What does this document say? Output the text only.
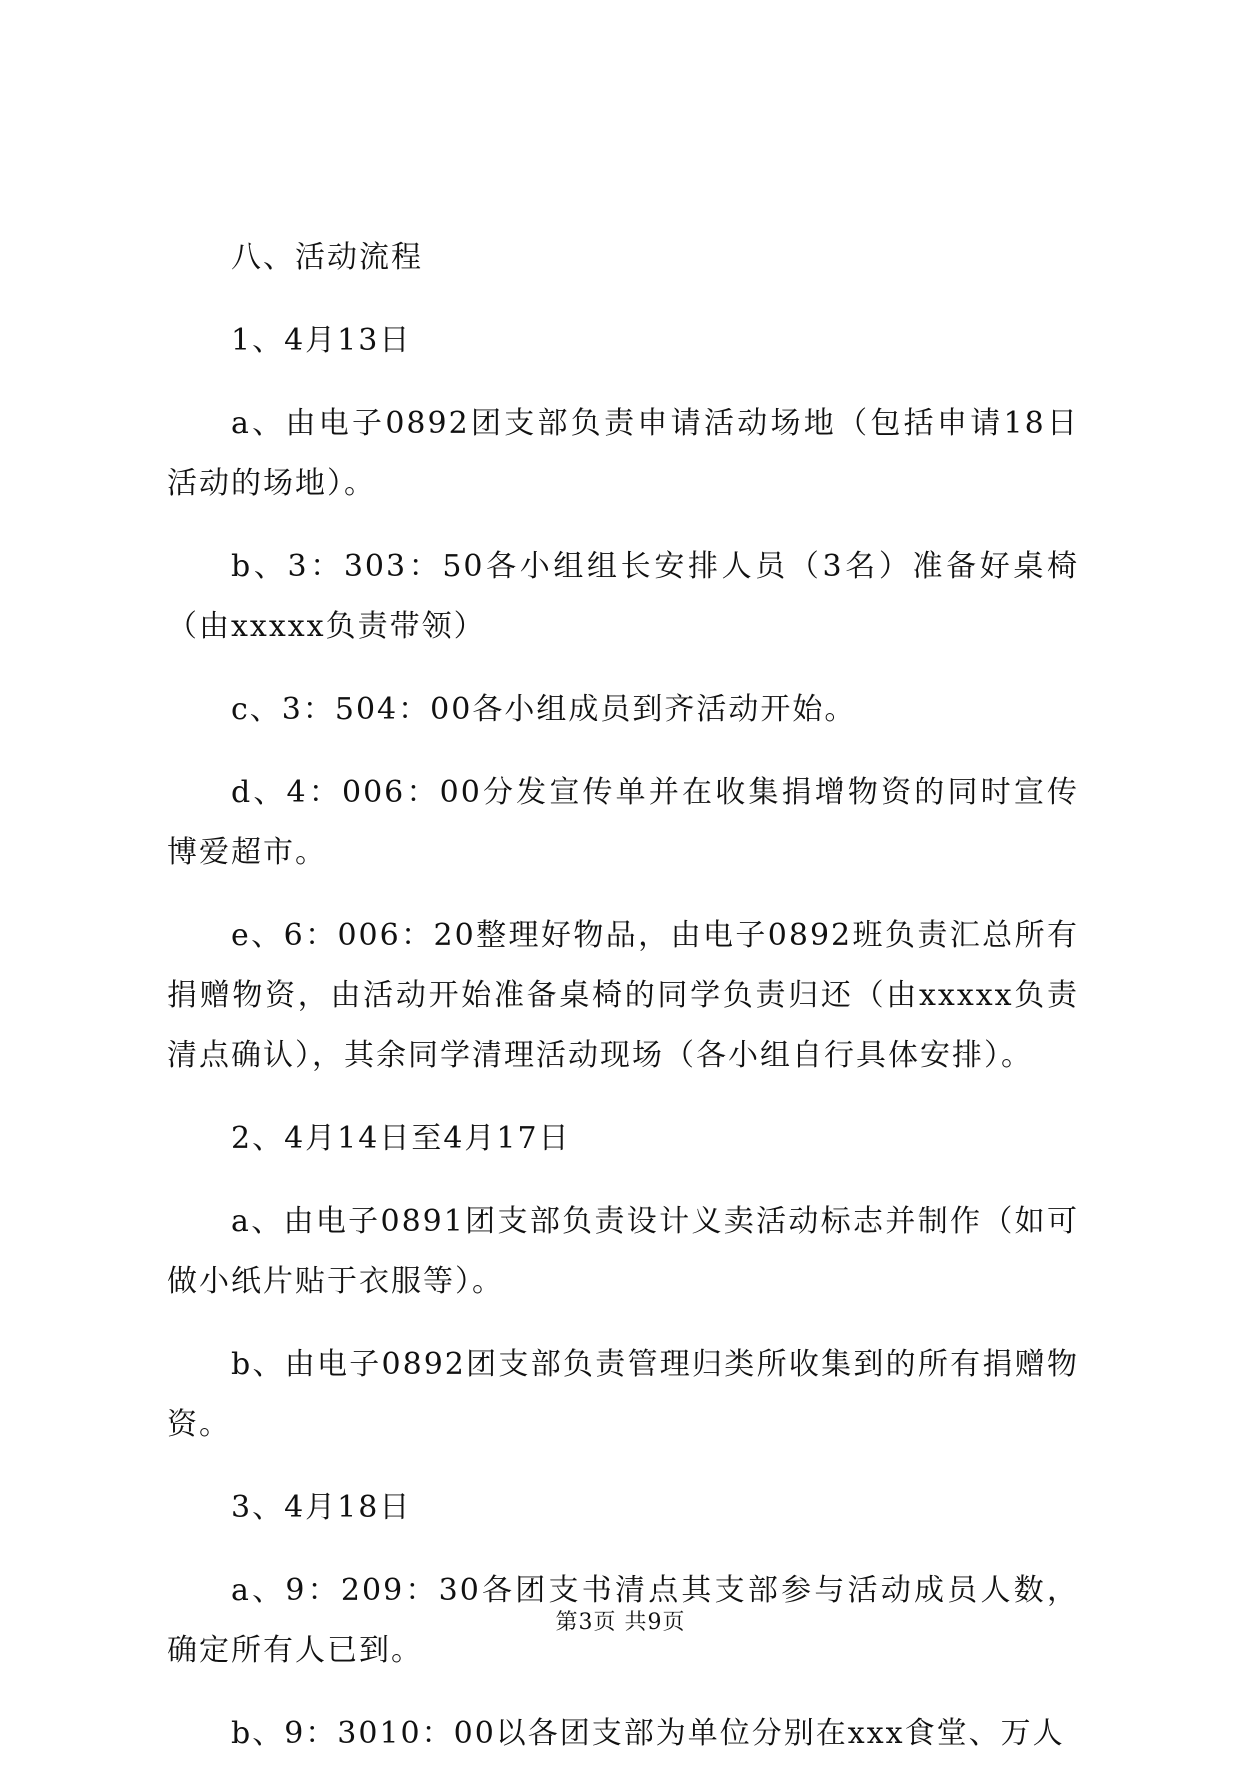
八、活动流程

1、4月13日

a、由电子0892团支部负责申请活动场地（包括申请18日活动的场地）。

b、3：303：50各小组组长安排人员（3名）准备好桌椅（由xxxxx负责带领）

c、3：504：00各小组成员到齐活动开始。

d、4：006：00分发宣传单并在收集捐增物资的同时宣传博爱超市。

e、6：006：20整理好物品，由电子0892班负责汇总所有捐赠物资，由活动开始准备桌椅的同学负责归还（由xxxxx负责清点确认），其余同学清理活动现场（各小组自行具体安排）。

2、4月14日至4月17日

a、由电子0891团支部负责设计义卖活动标志并制作（如可做小纸片贴于衣服等）。

b、由电子0892团支部负责管理归类所收集到的所有捐赠物资。

3、4月18日

a、9：209：30各团支书清点其支部参与活动成员人数，确定所有人已到。

b、9：3010：00以各团支部为单位分别在xxx食堂、万人

第3页 共9页
